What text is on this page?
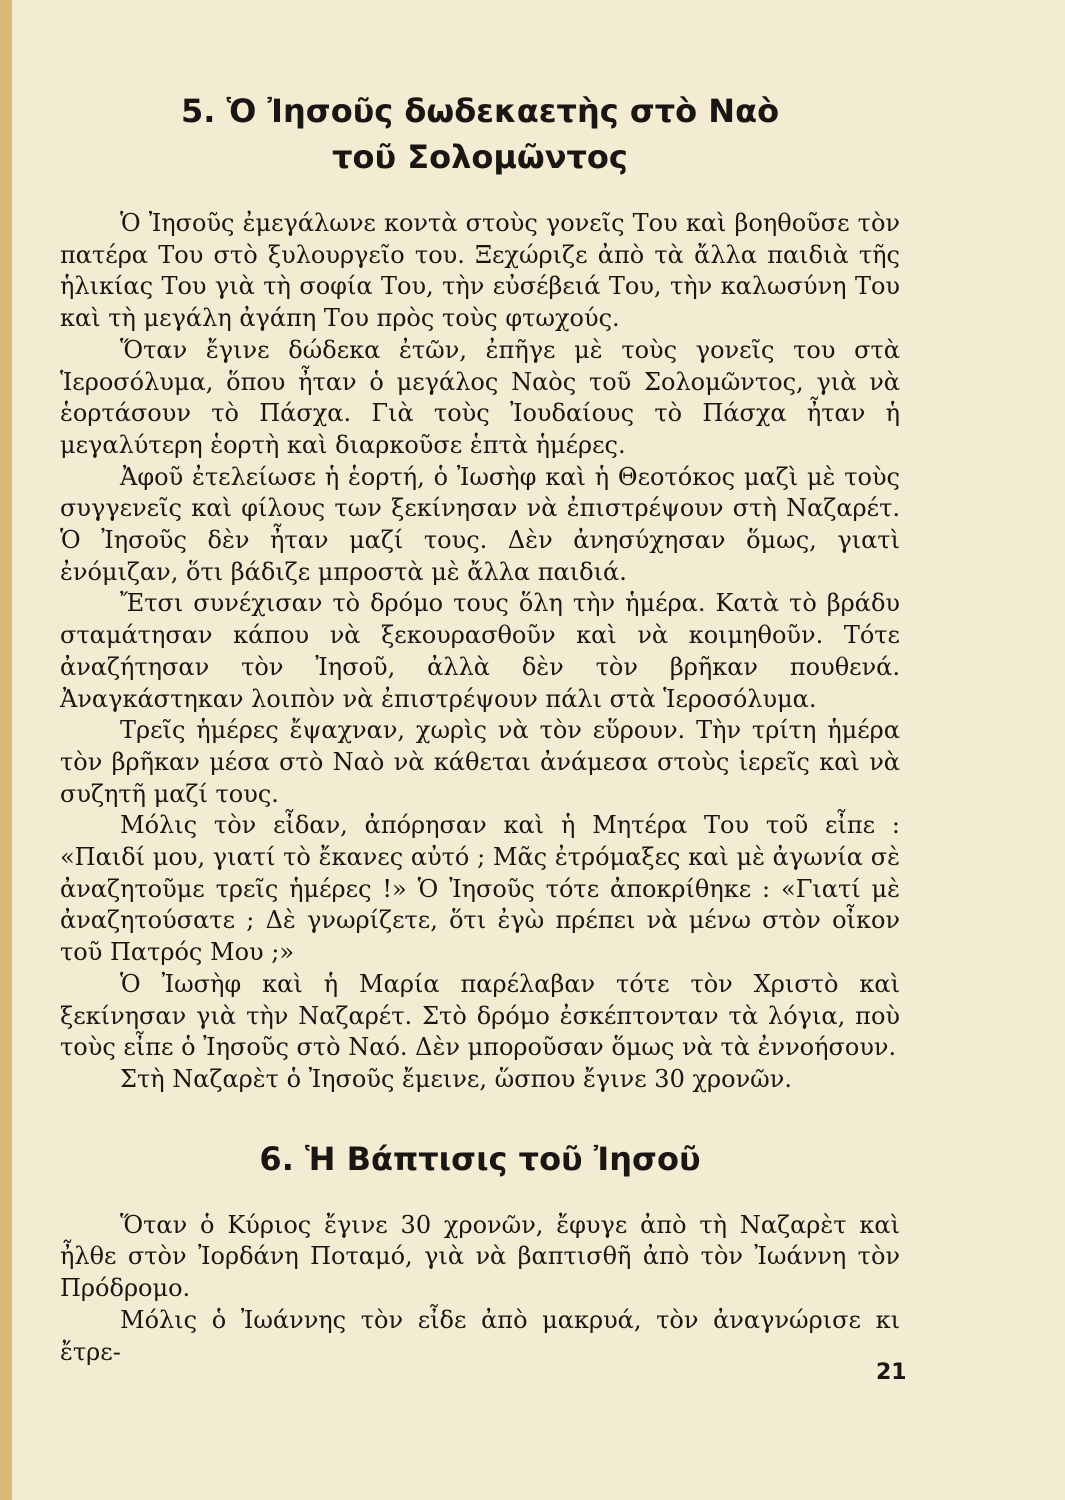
5. Ὁ Ἰησοῦς δωδεκαετὴς στὸ Ναὸ
τοῦ Σολομῶντος

Ὁ Ἰησοῦς ἐμεγάλωνε κοντὰ στοὺς γονεῖς Του καὶ βοηθοῦσε τὸν πατέρα Του στὸ ξυλουργεῖο του. Ξεχώριζε ἀπὸ τὰ ἄλλα παιδιὰ τῆς ἡλικίας Του γιὰ τὴ σοφία Του, τὴν εὐσέβειά Του, τὴν καλωσύνη Του καὶ τὴ μεγάλη ἀγάπη Του πρὸς τοὺς φτωχούς.

Ὅταν ἔγινε δώδεκα ἐτῶν, ἐπῆγε μὲ τοὺς γονεῖς του στὰ Ἱεροσόλυμα, ὅπου ἦταν ὁ μεγάλος Ναὸς τοῦ Σολομῶντος, γιὰ νὰ ἑορτάσουν τὸ Πάσχα. Γιὰ τοὺς Ἰουδαίους τὸ Πάσχα ἦταν ἡ μεγαλύτερη ἑορτὴ καὶ διαρκοῦσε ἑπτὰ ἡμέρες.

Ἀφοῦ ἐτελείωσε ἡ ἑορτή, ὁ Ἰωσὴφ καὶ ἡ Θεοτόκος μαζὶ μὲ τοὺς συγγενεῖς καὶ φίλους των ξεκίνησαν νὰ ἐπιστρέψουν στὴ Ναζαρέτ. Ὁ Ἰησοῦς δὲν ἦταν μαζί τους. Δὲν ἀνησύχησαν ὅμως, γιατὶ ἐνόμιζαν, ὅτι βάδιζε μπροστὰ μὲ ἄλλα παιδιά.

Ἔτσι συνέχισαν τὸ δρόμο τους ὅλη τὴν ἡμέρα. Κατὰ τὸ βράδυ σταμάτησαν κάπου νὰ ξεκουρασθοῦν καὶ νὰ κοιμηθοῦν. Τότε ἀναζήτησαν τὸν Ἰησοῦ, ἀλλὰ δὲν τὸν βρῆκαν πουθενά. Ἀναγκάστηκαν λοιπὸν νὰ ἐπιστρέψουν πάλι στὰ Ἱεροσόλυμα.

Τρεῖς ἡμέρες ἔψαχναν, χωρὶς νὰ τὸν εὕρουν. Τὴν τρίτη ἡμέρα τὸν βρῆκαν μέσα στὸ Ναὸ νὰ κάθεται ἀνάμεσα στοὺς ἱερεῖς καὶ νὰ συζητῆ μαζί τους.

Μόλις τὸν εἶδαν, ἀπόρησαν καὶ ἡ Μητέρα Του τοῦ εἶπε : «Παιδί μου, γιατί τὸ ἔκανες αὐτό ; Μᾶς ἐτρόμαξες καὶ μὲ ἀγωνία σὲ ἀναζητοῦμε τρεῖς ἡμέρες !» Ὁ Ἰησοῦς τότε ἀποκρίθηκε : «Γιατί μὲ ἀναζητούσατε ; Δὲ γνωρίζετε, ὅτι ἐγὼ πρέπει νὰ μένω στὸν οἶκον τοῦ Πατρός Μου ;»

Ὁ Ἰωσὴφ καὶ ἡ Μαρία παρέλαβαν τότε τὸν Χριστὸ καὶ ξεκίνησαν γιὰ τὴν Ναζαρέτ. Στὸ δρόμο ἐσκέπτονταν τὰ λόγια, ποὺ τοὺς εἶπε ὁ Ἰησοῦς στὸ Ναό. Δὲν μποροῦσαν ὅμως νὰ τὰ ἐννοήσουν.

Στὴ Ναζαρὲτ ὁ Ἰησοῦς ἔμεινε, ὥσπου ἔγινε 30 χρονῶν.

6. Ἡ Βάπτισις τοῦ Ἰησοῦ

Ὅταν ὁ Κύριος ἔγινε 30 χρονῶν, ἔφυγε ἀπὸ τὴ Ναζαρὲτ καὶ ἦλθε στὸν Ἰορδάνη Ποταμό, γιὰ νὰ βαπτισθῆ ἀπὸ τὸν Ἰωάννη τὸν Πρόδρομο.

Μόλις ὁ Ἰωάννης τὸν εἶδε ἀπὸ μακρυά, τὸν ἀναγνώρισε κι ἔτρε-

21
